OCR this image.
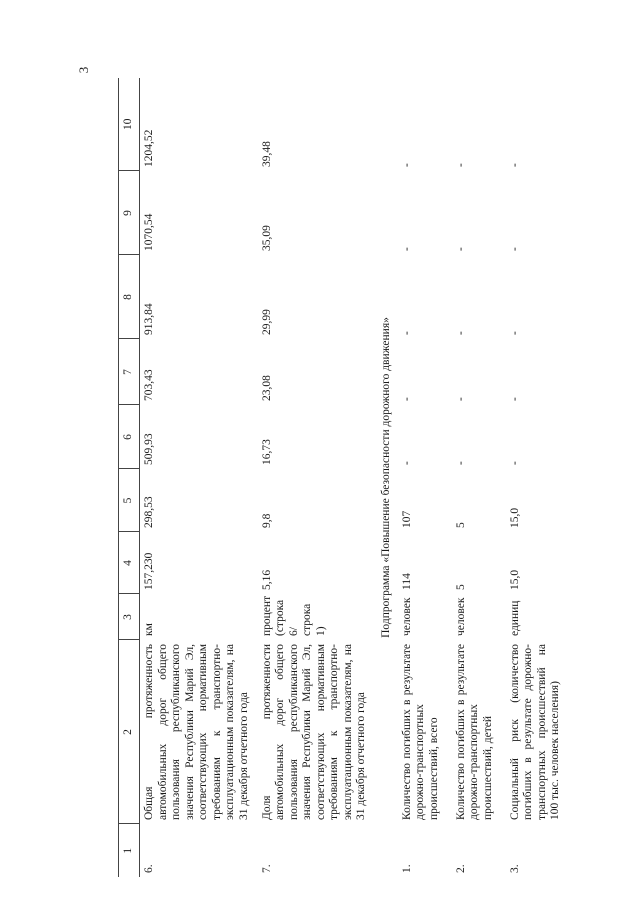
3
1	2	3	4	5	6	7	8	9	10
6.	Общая протяженность автомобильных дорог общего пользования республиканского значения Республики Марий Эл, соответствующих нормативным требованиям к транспортно-эксплуатационным показателям, на 31 декабря отчетного года	км	157,230	298,53	509,93	703,43	913,84	1070,54	1204,52
7.	Доля протяженности автомобильных дорог общего пользования республиканского значения Республики Марий Эл, соответствующих нормативным требованиям к транспортно-эксплуатационным показателям, на 31 декабря отчетного года	процент (строка 6/ строка 1)	5,16	9,8	16,73	23,08	29,99	35,09	39,48
Подпрограмма «Повышение безопасности дорожного движения»									
1.	Количество погибших в результате дорожно-транспортных происшествий, всего	человек	114	107	-	-	-	-	-
2.	Количество погибших в результате дорожно-транспортных происшествий, детей	человек	5	5	-	-	-	-	-
3.	Социальный риск (количество погибших в результате дорожно-транспортных происшествий на 100 тыс. человек населения)	единиц	15,0	15,0	-	-	-	-	-
